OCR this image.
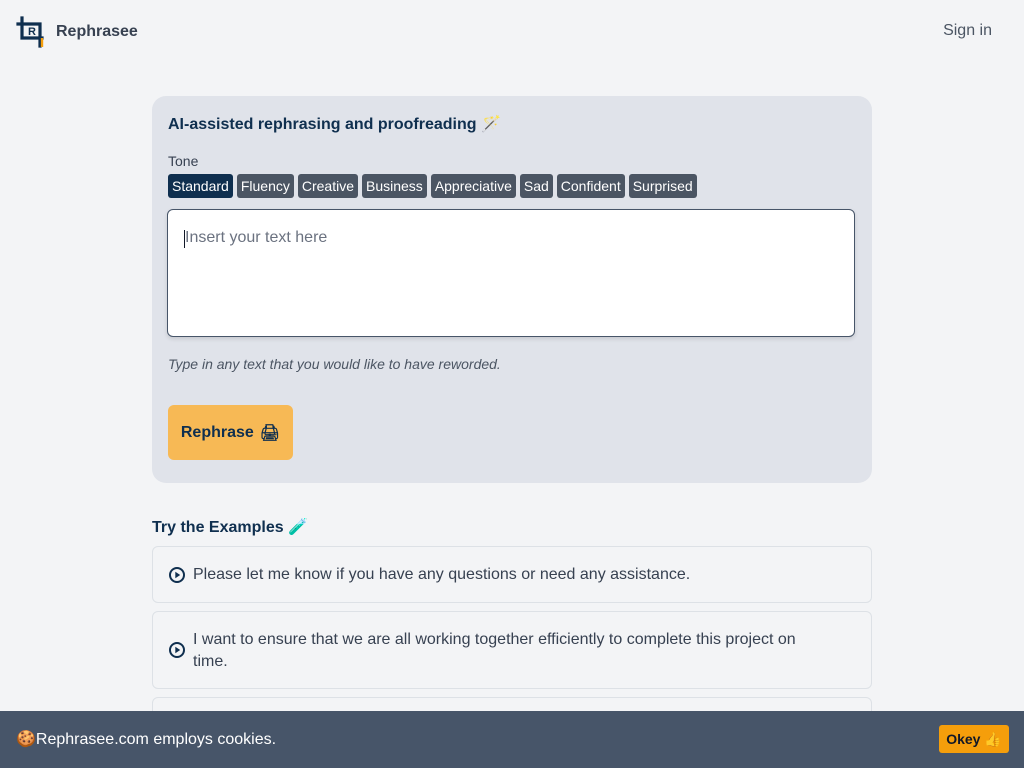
R Rephrasee	Sign in
AI-assisted rephrasing and proofreading 🪄
Tone
Standard Fluency Creative Business Appreciative Sad Confident Surprised
Insert your text here
Type in any text that you would like to have reworded.
Rephrase 🖨
Try the Examples 🧪
Please let me know if you have any questions or need any assistance.
I want to ensure that we are all working together efficiently to complete this project on time.
🍪Rephrasee.com employs cookies.	Okey 👍
